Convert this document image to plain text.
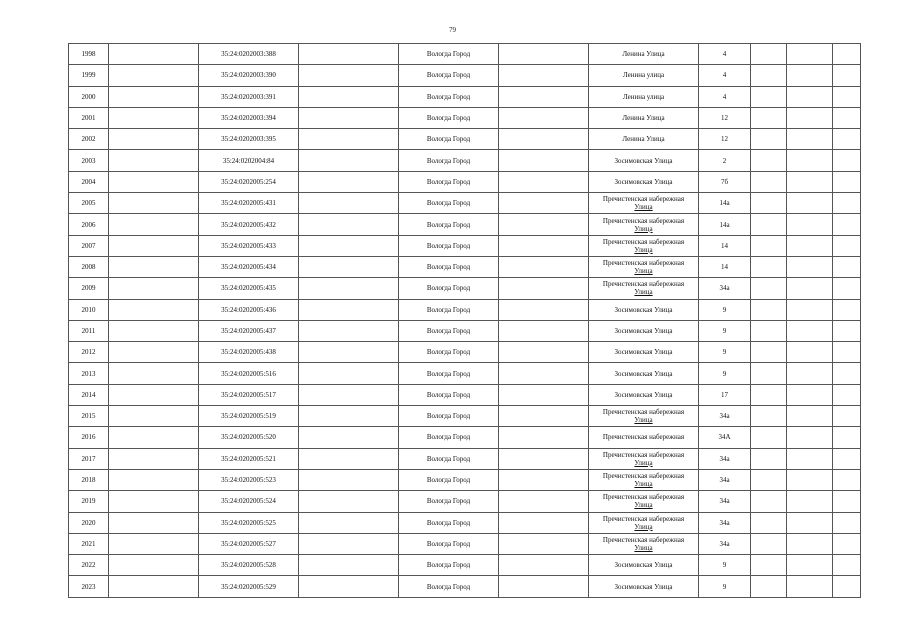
79
1998		35:24:0202003:388		Вологда Город		Ленина Улица	4			
1999		35:24:0202003:390		Вологда Город		Ленина улица	4			
2000		35:24:0202003:391		Вологда Город		Ленина улица	4			
2001		35:24:0202003:394		Вологда Город		Ленина Улица	12			
2002		35:24:0202003:395		Вологда Город		Ленина Улица	12			
2003		35:24:0202004:84		Вологда Город		Зосимовская Улица	2			
2004		35:24:0202005:254		Вологда Город		Зосимовская Улица	7б			
2005		35:24:0202005:431		Вологда Город		Пречистенская набережная
Улица	14а			
2006		35:24:0202005:432		Вологда Город		Пречистенская набережная
Улица	14а			
2007		35:24:0202005:433		Вологда Город		Пречистенская набережная
Улица	14			
2008		35:24:0202005:434		Вологда Город		Пречистенская набережная
Улица	14			
2009		35:24:0202005:435		Вологда Город		Пречистенская набережная
Улица	34а			
2010		35:24:0202005:436		Вологда Город		Зосимовская Улица	9			
2011		35:24:0202005:437		Вологда Город		Зосимовская Улица	9			
2012		35:24:0202005:438		Вологда Город		Зосимовская Улица	9			
2013		35:24:0202005:516		Вологда Город		Зосимовская Улица	9			
2014		35:24:0202005:517		Вологда Город		Зосимовская Улица	17			
2015		35:24:0202005:519		Вологда Город		Пречистенская набережная
Улица	34а			
2016		35:24:0202005:520		Вологда Город		Пречистенская набережная	34А			
2017		35:24:0202005:521		Вологда Город		Пречистенская набережная
Улица	34а			
2018		35:24:0202005:523		Вологда Город		Пречистенская набережная
Улица	34а			
2019		35:24:0202005:524		Вологда Город		Пречистенская набережная
Улица	34а			
2020		35:24:0202005:525		Вологда Город		Пречистенская набережная
Улица	34а			
2021		35:24:0202005:527		Вологда Город		Пречистенская набережная
Улица	34а			
2022		35:24:0202005:528		Вологда Город		Зосимовская Улица	9			
2023		35:24:0202005:529		Вологда Город		Зосимовская Улица	9			
